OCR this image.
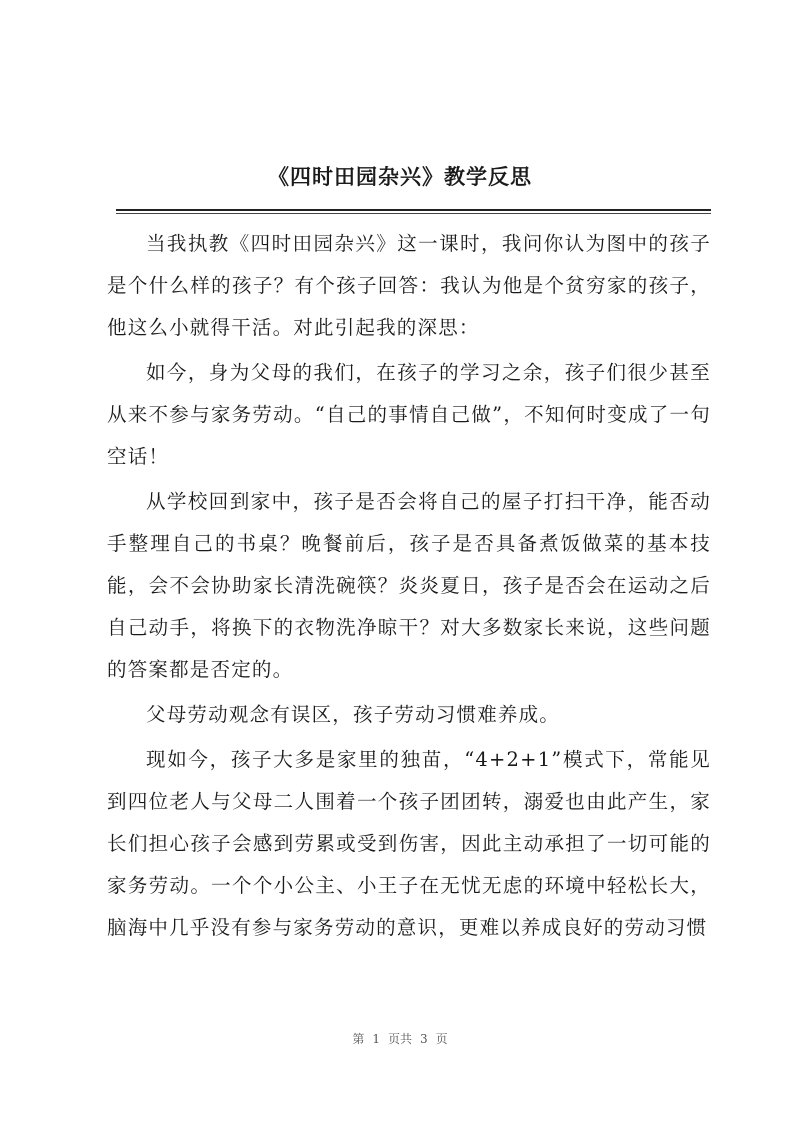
《四时田园杂兴》教学反思

当我执教《四时田园杂兴》这一课时，我问你认为图中的孩子是个什么样的孩子？有个孩子回答：我认为他是个贫穷家的孩子，他这么小就得干活。对此引起我的深思：

如今，身为父母的我们，在孩子的学习之余，孩子们很少甚至从来不参与家务劳动。“自己的事情自己做”，不知何时变成了一句空话！

从学校回到家中，孩子是否会将自己的屋子打扫干净，能否动手整理自己的书桌？晚餐前后，孩子是否具备煮饭做菜的基本技能，会不会协助家长清洗碗筷？炎炎夏日，孩子是否会在运动之后自己动手，将换下的衣物洗净晾干？对大多数家长来说，这些问题的答案都是否定的。

父母劳动观念有误区，孩子劳动习惯难养成。

现如今，孩子大多是家里的独苗，“4+2+1”模式下，常能见到四位老人与父母二人围着一个孩子团团转，溺爱也由此产生，家长们担心孩子会感到劳累或受到伤害，因此主动承担了一切可能的家务劳动。一个个小公主、小王子在无忧无虑的环境中轻松长大，脑海中几乎没有参与家务劳动的意识，更难以养成良好的劳动习惯

第 1 页共 3 页
